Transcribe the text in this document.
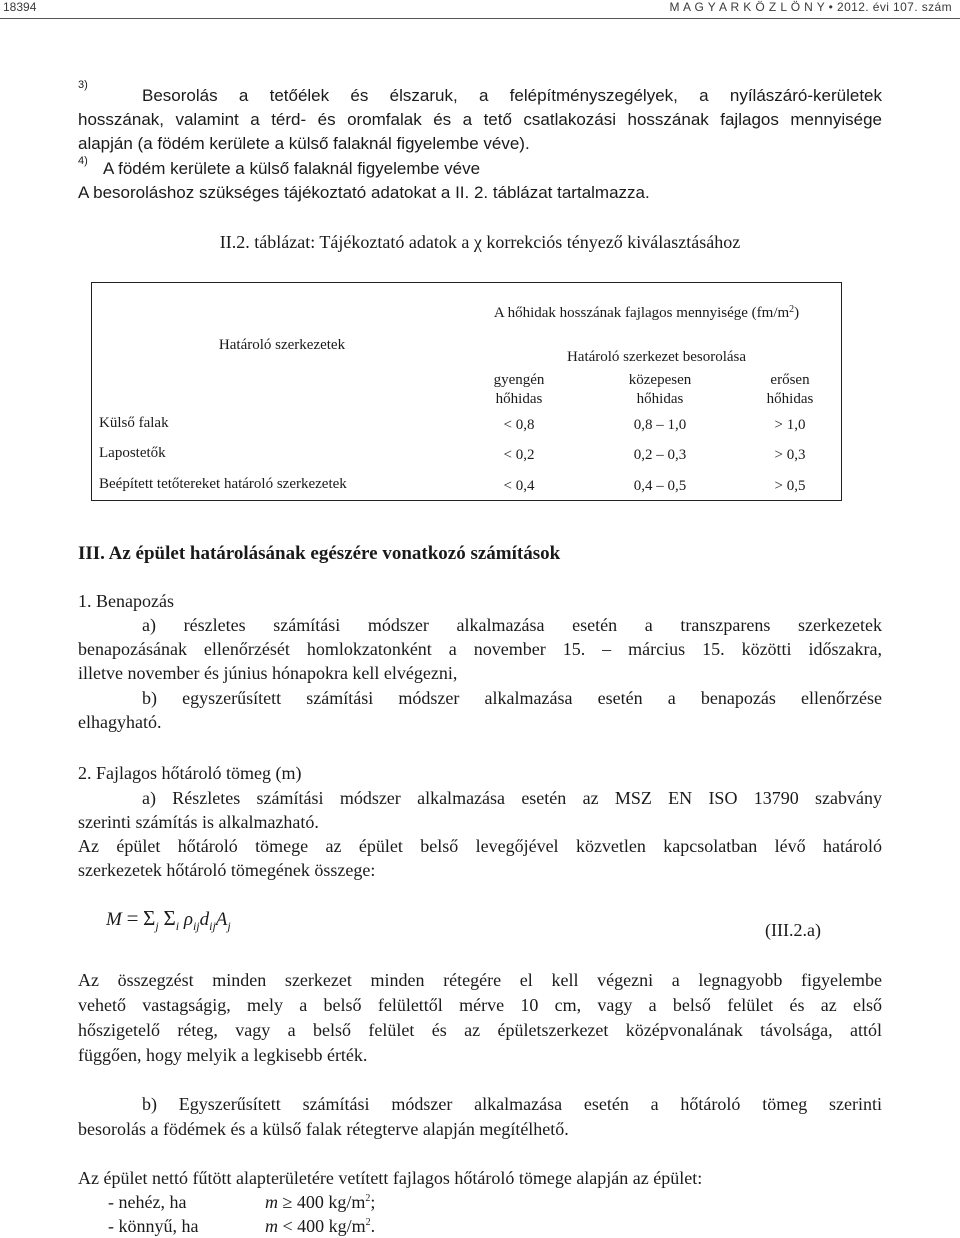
18394	M A G Y A R K Ö Z L Ö N Y • 2012. évi 107. szám
3)

Besorolás a tetőélek és élszaruk, a felépítményszegélyek, a nyílászáró-kerületek

hosszának, valamint a térd- és oromfalak és a tető csatlakozási hosszának fajlagos mennyisége

alapján (a födém kerülete a külső falaknál figyelembe véve).

4) A födém kerülete a külső falaknál figyelembe véve

A besoroláshoz szükséges tájékoztató adatokat a II. 2. táblázat tartalmazza.

II.2. táblázat: Tájékoztató adatok a χ korrekciós tényező kiválasztásához
Határoló szerkezetek
A hőhidak hosszának fajlagos mennyisége $(fm/m^2)$
Határoló szerkezet besorolása
gyengén
hőhidas
közepesen
hőhidas
erősen
hőhidas
Külső falak	< 0,8	0,8 – 1,0	> 1,0
Lapostetők	< 0,2	0,2 – 0,3	> 0,3
Beépített tetőtereket határoló szerkezetek	< 0,4	0,4 – 0,5	> 0,5

III. Az épület határolásának egészére vonatkozó számítások

1. Benapozás

a) részletes számítási módszer alkalmazása esetén a transzparens szerkezetek

benapozásának ellenőrzését homlokzatonként a november 15. – március 15. közötti időszakra,

illetve november és június hónapokra kell elvégezni,

b) egyszerűsített számítási módszer alkalmazása esetén a benapozás ellenőrzése

elhagyható.

2. Fajlagos hőtároló tömeg (m)

a) Részletes számítási módszer alkalmazása esetén az MSZ EN ISO 13790 szabvány

szerinti számítás is alkalmazható.

Az épület hőtároló tömege az épület belső levegőjével közvetlen kapcsolatban lévő határoló

szerkezetek hőtároló tömegének összege:

$M = \Sigma_j$ $\Sigma_i$ $\rho_{ij}d_{ij}A_j$	(III.2.a)

Az összegzést minden szerkezet minden rétegére el kell végezni a legnagyobb figyelembe

vehető vastagságig, mely a belső felülettől mérve 10 cm, vagy a belső felület és az első

hőszigetelő réteg, vagy a belső felület és az épületszerkezet középvonalának távolsága, attól

függően, hogy melyik a legkisebb érték.

b) Egyszerűsített számítási módszer alkalmazása esetén a hőtároló tömeg szerinti

besorolás a födémek és a külső falak rétegterve alapján megítélhető.

Az épület nettó fűtött alapterületére vetített fajlagos hőtároló tömege alapján az épület:

- nehéz, ha	m ≥ 400 $kg/m^2$;
- könnyű, ha	m < 400 $kg/m^2$.
